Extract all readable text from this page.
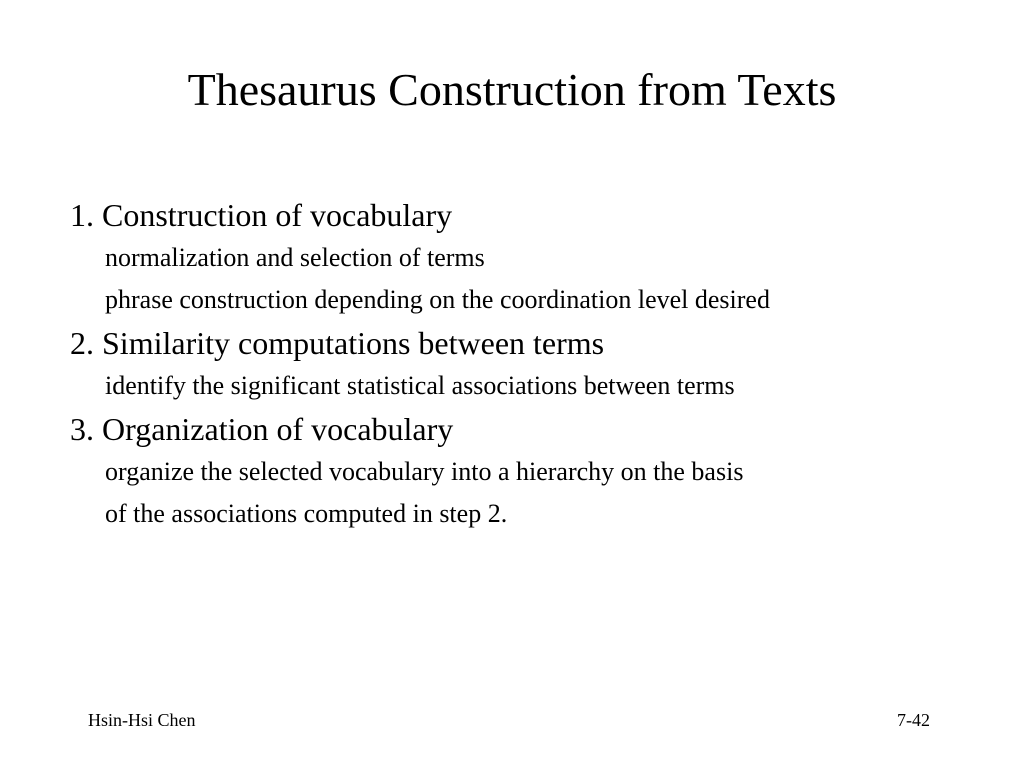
Thesaurus Construction from Texts
1. Construction of vocabulary
normalization and selection of terms
phrase construction depending on the coordination level desired
2. Similarity computations between terms
identify the significant statistical associations between terms
3. Organization of vocabulary
organize the selected vocabulary into a hierarchy on the basis
of the associations computed in step 2.
Hsin-Hsi Chen	7-42
